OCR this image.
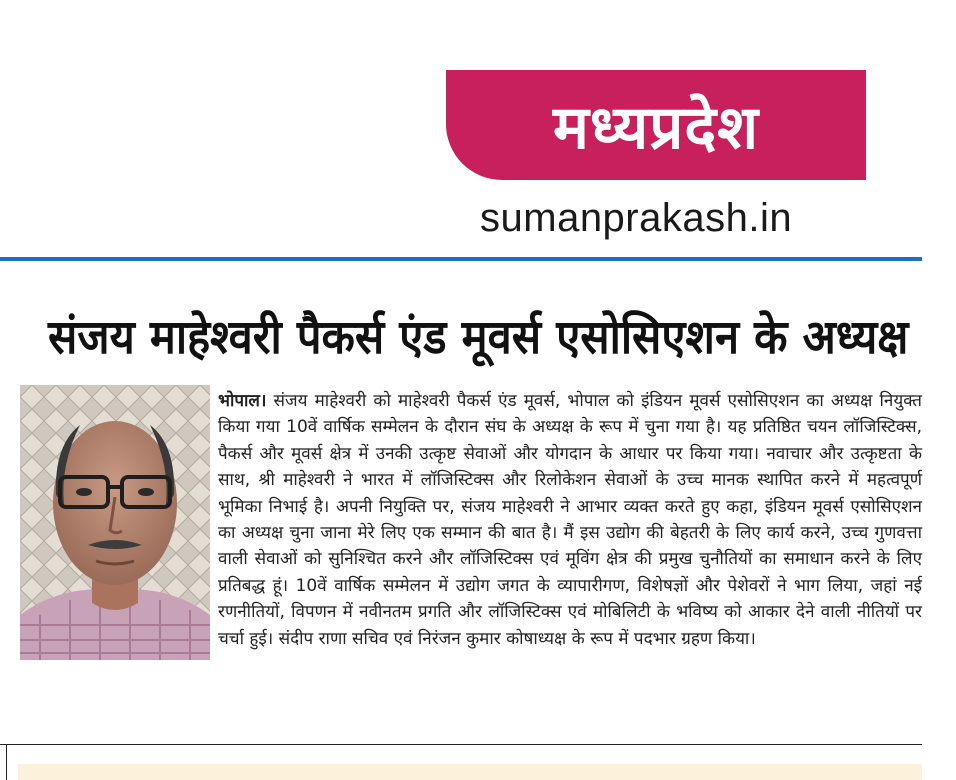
मध्यप्रदेश
sumanprakash.in
संजय माहेश्वरी पैकर्स एंड मूवर्स एसोसिएशन के अध्यक्ष

भोपाल। संजय माहेश्वरी को माहेश्वरी पैकर्स एंड मूवर्स, भोपाल को इंडियन मूवर्स एसोसिएशन का अध्यक्ष नियुक्त किया गया 10वें वार्षिक सम्मेलन के दौरान संघ के अध्यक्ष के रूप में चुना गया है। यह प्रतिष्ठित चयन लॉजिस्टिक्स, पैकर्स और मूवर्स क्षेत्र में उनकी उत्कृष्ट सेवाओं और योगदान के आधार पर किया गया। नवाचार और उत्कृष्टता के साथ, श्री माहेश्वरी ने भारत में लॉजिस्टिक्स और रिलोकेशन सेवाओं के उच्च मानक स्थापित करने में महत्वपूर्ण भूमिका निभाई है। अपनी नियुक्ति पर, संजय माहेश्वरी ने आभार व्यक्त करते हुए कहा, इंडियन मूवर्स एसोसिएशन का अध्यक्ष चुना जाना मेरे लिए एक सम्मान की बात है। मैं इस उद्योग की बेहतरी के लिए कार्य करने, उच्च गुणवत्ता वाली सेवाओं को सुनिश्चित करने और लॉजिस्टिक्स एवं मूविंग क्षेत्र की प्रमुख चुनौतियों का समाधान करने के लिए प्रतिबद्ध हूं। 10वें वार्षिक सम्मेलन में उद्योग जगत के व्यापारीगण, विशेषज्ञों और पेशेवरों ने भाग लिया, जहां नई रणनीतियों, विपणन में नवीनतम प्रगति और लॉजिस्टिक्स एवं मोबिलिटी के भविष्य को आकार देने वाली नीतियों पर चर्चा हुई। संदीप राणा सचिव एवं निरंजन कुमार कोषाध्यक्ष के रूप में पदभार ग्रहण किया।
